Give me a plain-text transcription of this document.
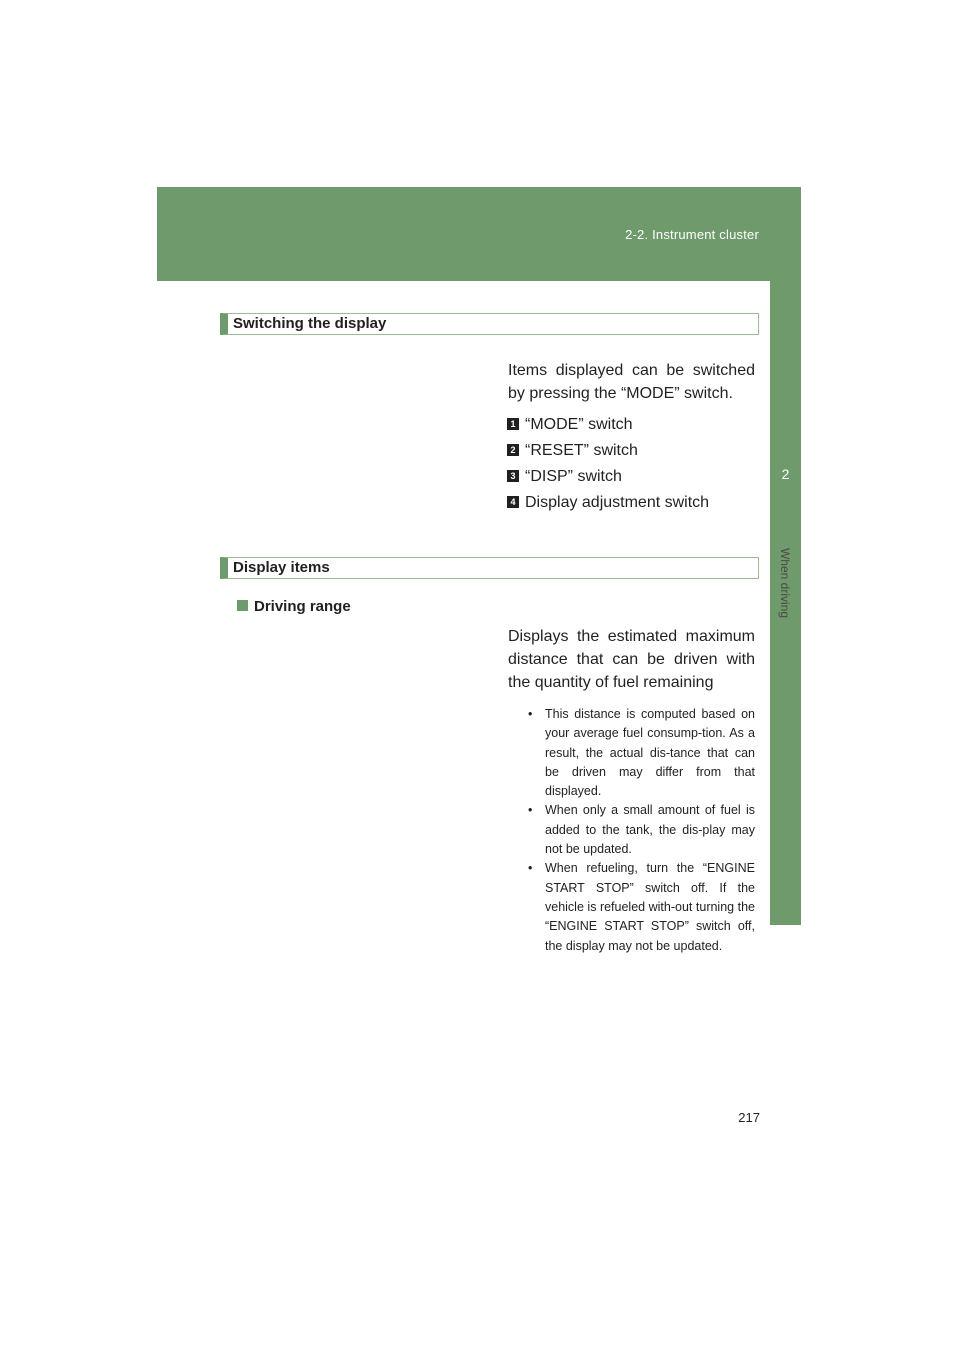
2-2. Instrument cluster
2
When driving
Switching the display
Items displayed can be switched by pressing the “MODE” switch.
1 “MODE” switch
2 “RESET” switch
3 “DISP” switch
4 Display adjustment switch
Display items
Driving range
Displays the estimated maximum distance that can be driven with the quantity of fuel remaining
• This distance is computed based on your average fuel consump-tion. As a result, the actual dis-tance that can be driven may differ from that displayed.
• When only a small amount of fuel is added to the tank, the dis-play may not be updated.
• When refueling, turn the “ENGINE START STOP” switch off. If the vehicle is refueled with-out turning the “ENGINE START STOP” switch off, the display may not be updated.
217
